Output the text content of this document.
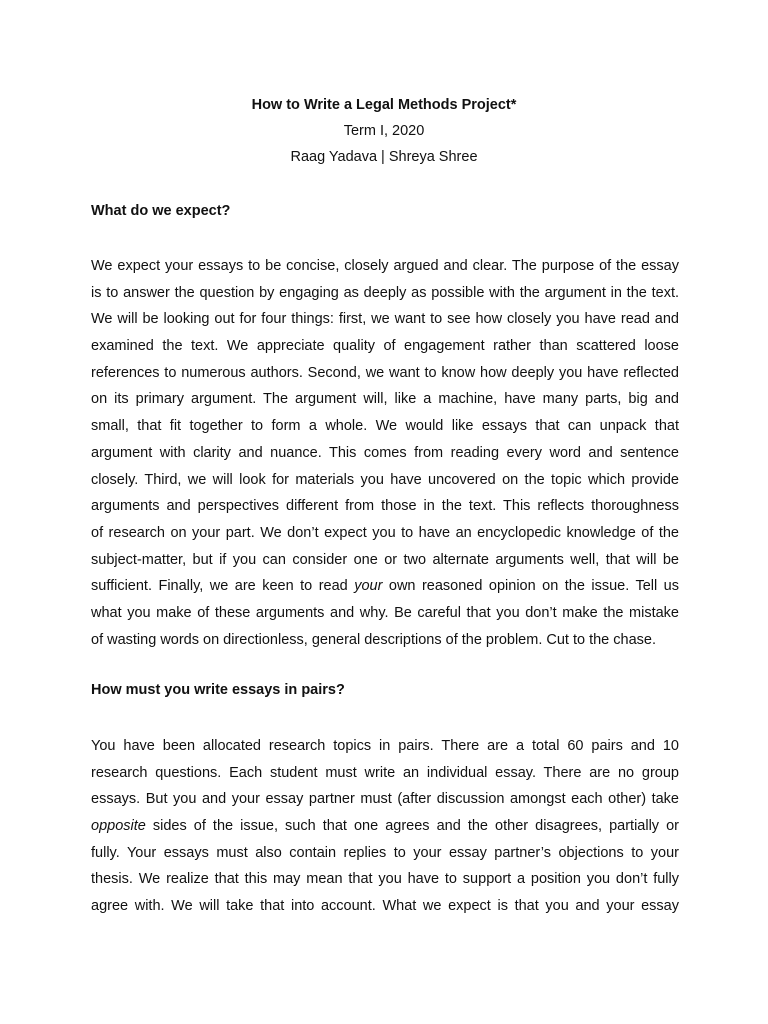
How to Write a Legal Methods Project*
Term I, 2020
Raag Yadava | Shreya Shree
What do we expect?
We expect your essays to be concise, closely argued and clear. The purpose of the essay
is to answer the question by engaging as deeply as possible with the argument in the text.
We will be looking out for four things: first, we want to see how closely you have read and
examined the text. We appreciate quality of engagement rather than scattered loose
references to numerous authors. Second, we want to know how deeply you have reflected
on its primary argument. The argument will, like a machine, have many parts, big and
small, that fit together to form a whole. We would like essays that can unpack that
argument with clarity and nuance. This comes from reading every word and sentence
closely. Third, we will look for materials you have uncovered on the topic which provide
arguments and perspectives different from those in the text. This reflects thoroughness
of research on your part. We don’t expect you to have an encyclopedic knowledge of the
subject-matter, but if you can consider one or two alternate arguments well, that will be
sufficient. Finally, we are keen to read your own reasoned opinion on the issue. Tell us
what you make of these arguments and why. Be careful that you don’t make the mistake
of wasting words on directionless, general descriptions of the problem. Cut to the chase.
How must you write essays in pairs?
You have been allocated research topics in pairs. There are a total 60 pairs and 10
research questions. Each student must write an individual essay. There are no group
essays. But you and your essay partner must (after discussion amongst each other) take
opposite sides of the issue, such that one agrees and the other disagrees, partially or
fully. Your essays must also contain replies to your essay partner’s objections to your
thesis. We realize that this may mean that you have to support a position you don’t fully
agree with. We will take that into account. What we expect is that you and your essay
